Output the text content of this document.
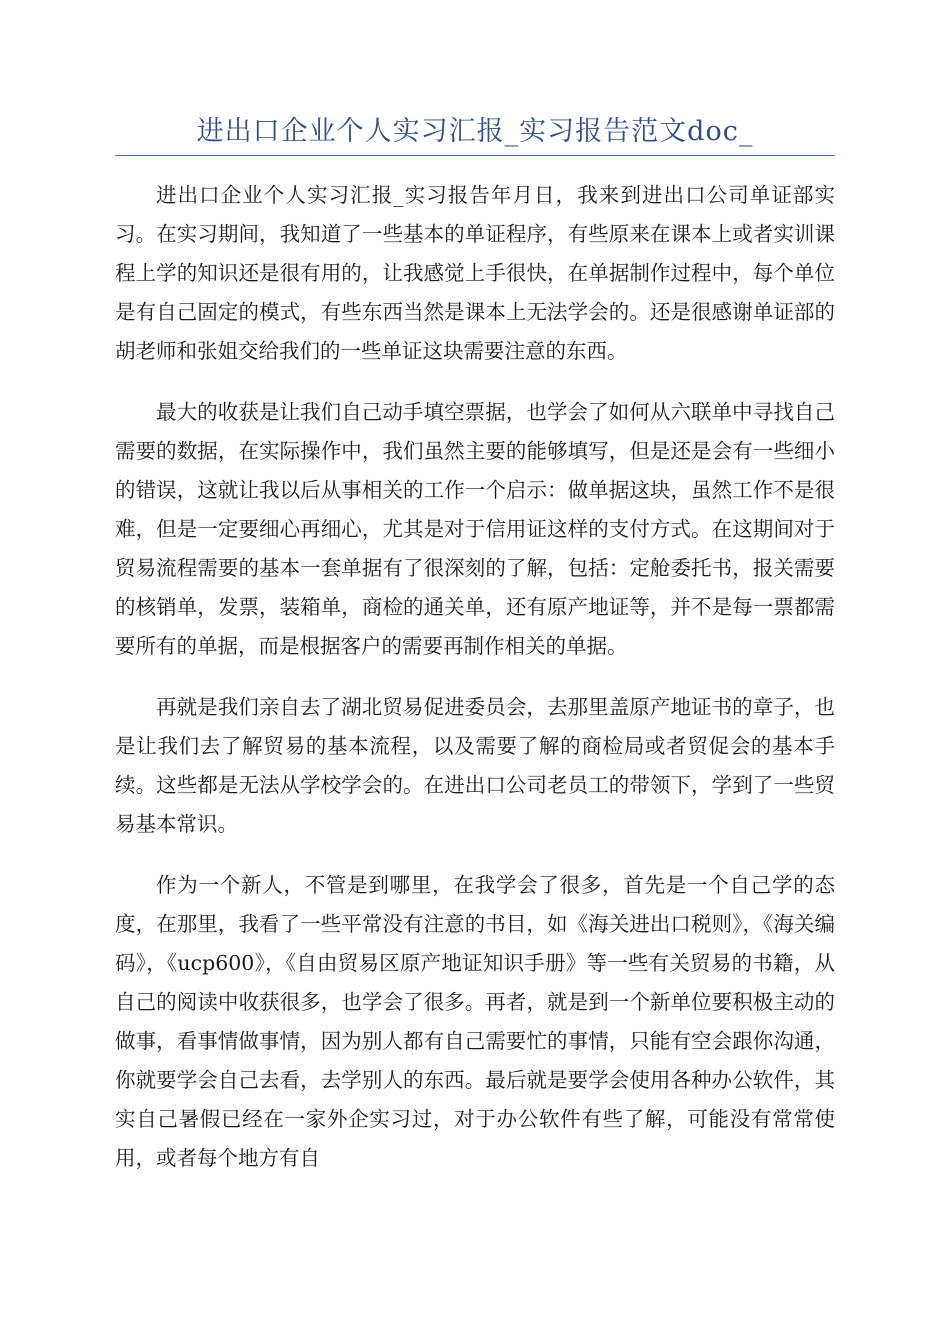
进出口企业个人实习汇报_实习报告范文doc_

进出口企业个人实习汇报_实习报告年月日，我来到进出口公司单证部实习。在实习期间，我知道了一些基本的单证程序，有些原来在课本上或者实训课程上学的知识还是很有用的，让我感觉上手很快，在单据制作过程中，每个单位是有自己固定的模式，有些东西当然是课本上无法学会的。还是很感谢单证部的胡老师和张姐交给我们的一些单证这块需要注意的东西。

最大的收获是让我们自己动手填空票据，也学会了如何从六联单中寻找自己需要的数据，在实际操作中，我们虽然主要的能够填写，但是还是会有一些细小的错误，这就让我以后从事相关的工作一个启示：做单据这块，虽然工作不是很难，但是一定要细心再细心，尤其是对于信用证这样的支付方式。在这期间对于贸易流程需要的基本一套单据有了很深刻的了解，包括：定舱委托书，报关需要的核销单，发票，装箱单，商检的通关单，还有原产地证等，并不是每一票都需要所有的单据，而是根据客户的需要再制作相关的单据。

再就是我们亲自去了湖北贸易促进委员会，去那里盖原产地证书的章子，也是让我们去了解贸易的基本流程，以及需要了解的商检局或者贸促会的基本手续。这些都是无法从学校学会的。在进出口公司老员工的带领下，学到了一些贸易基本常识。

作为一个新人，不管是到哪里，在我学会了很多，首先是一个自己学的态度，在那里，我看了一些平常没有注意的书目，如《海关进出口税则》，《海关编码》，《ucp600》，《自由贸易区原产地证知识手册》等一些有关贸易的书籍，从自己的阅读中收获很多，也学会了很多。再者，就是到一个新单位要积极主动的做事，看事情做事情，因为别人都有自己需要忙的事情，只能有空会跟你沟通，你就要学会自己去看，去学别人的东西。最后就是要学会使用各种办公软件，其实自己暑假已经在一家外企实习过，对于办公软件有些了解，可能没有常常使用，或者每个地方有自
